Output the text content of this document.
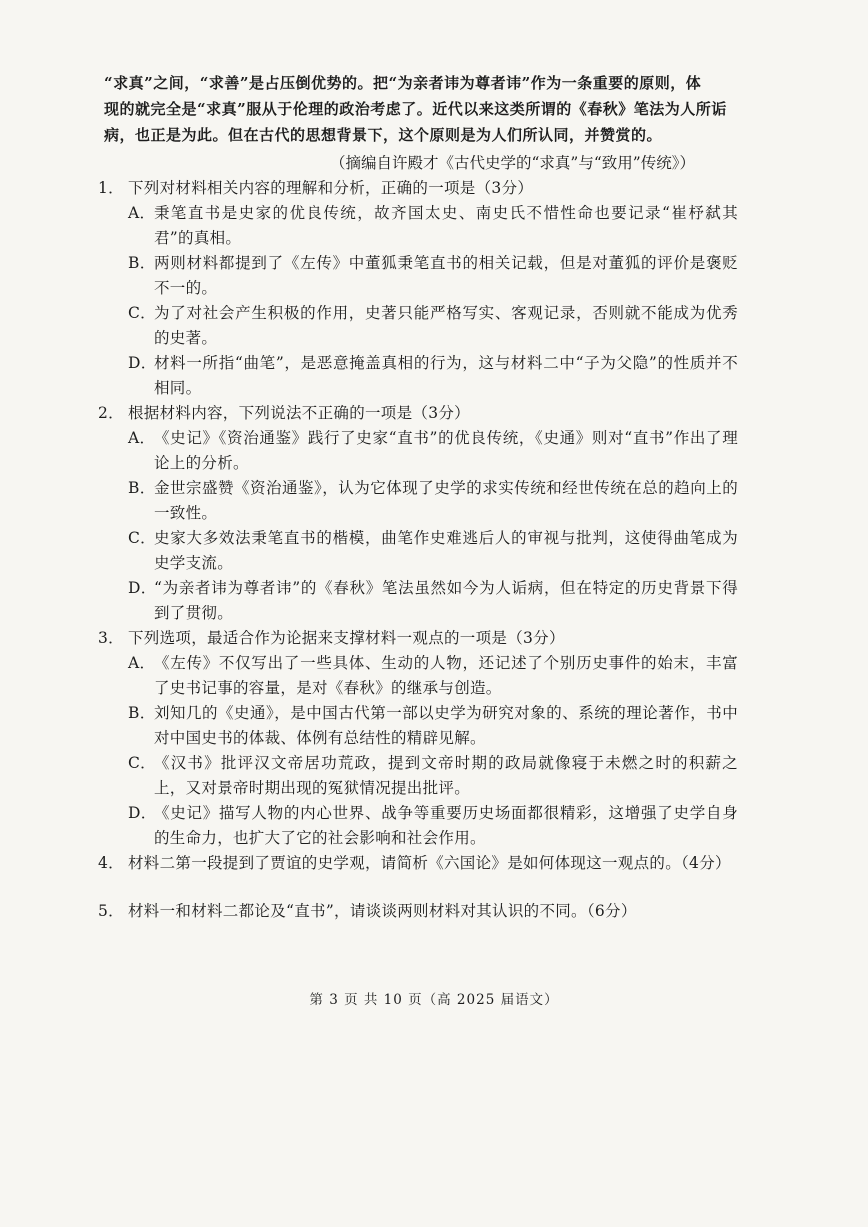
“求真”之间，“求善”是占压倒优势的。把“为亲者讳为尊者讳”作为一条重要的原则，体
现的就完全是“求真”服从于伦理的政治考虑了。近代以来这类所谓的《春秋》笔法为人所诟
病，也正是为此。但在古代的思想背景下，这个原则是为人们所认同，并赞赏的。
（摘编自许殿才《古代史学的“求真”与“致用”传统》）
1． 下列对材料相关内容的理解和分析，正确的一项是（3分）
A．
秉笔直书是史家的优良传统，故齐国太史、南史氏不惜性命也要记录“崔杼弑其君”的真相。
B．
两则材料都提到了《左传》中董狐秉笔直书的相关记载，但是对董狐的评价是褒贬不一的。
C．
为了对社会产生积极的作用，史著只能严格写实、客观记录，否则就不能成为优秀的史著。
D．
材料一所指“曲笔”，是恶意掩盖真相的行为，这与材料二中“子为父隐”的性质并不相同。
2． 根据材料内容，下列说法不正确的一项是（3分）
A．
《史记》《资治通鉴》践行了史家“直书”的优良传统，《史通》则对“直书”作出了理论上的分析。
B．
金世宗盛赞《资治通鉴》，认为它体现了史学的求实传统和经世传统在总的趋向上的一致性。
C．
史家大多效法秉笔直书的楷模，曲笔作史难逃后人的审视与批判，这使得曲笔成为史学支流。
D．
“为亲者讳为尊者讳”的《春秋》笔法虽然如今为人诟病，但在特定的历史背景下得到了贯彻。
3． 下列选项，最适合作为论据来支撑材料一观点的一项是（3分）
A．
《左传》不仅写出了一些具体、生动的人物，还记述了个别历史事件的始末，丰富了史书记事的容量，是对《春秋》的继承与创造。
B．
刘知几的《史通》，是中国古代第一部以史学为研究对象的、系统的理论著作，书中对中国史书的体裁、体例有总结性的精辟见解。
C．
《汉书》批评汉文帝居功荒政，提到文帝时期的政局就像寝于未燃之时的积薪之上，又对景帝时期出现的冤狱情况提出批评。
D．
《史记》描写人物的内心世界、战争等重要历史场面都很精彩，这增强了史学自身的生命力，也扩大了它的社会影响和社会作用。
4． 材料二第一段提到了贾谊的史学观，请简析《六国论》是如何体现这一观点的。（4分）
5． 材料一和材料二都论及“直书”，请谈谈两则材料对其认识的不同。（6分）
第 3 页 共 10 页（高 2025 届语文）
